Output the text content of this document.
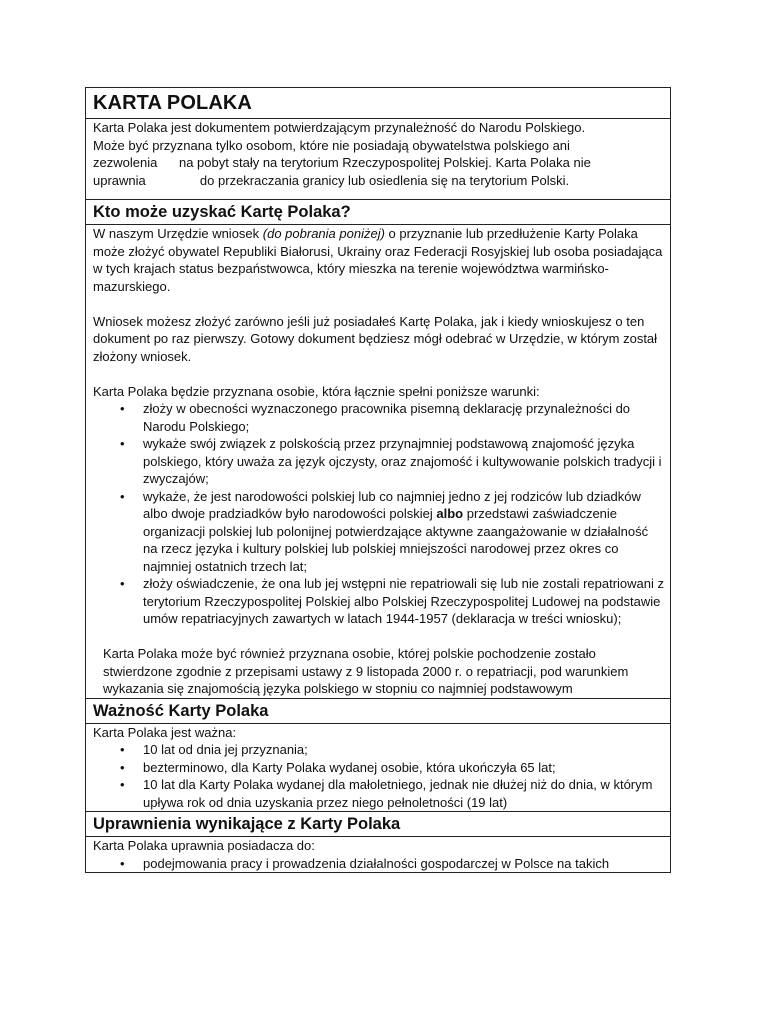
KARTA POLAKA

Karta Polaka jest dokumentem potwierdzającym przynależność do Narodu Polskiego.

Może być przyznana tylko osobom, które nie posiadają obywatelstwa polskiego ani

zezwolenia      na pobyt stały na terytorium Rzeczypospolitej Polskiej. Karta Polaka nie

uprawnia               do przekraczania granicy lub osiedlenia się na terytorium Polski.

Kto może uzyskać Kartę Polaka?

W naszym Urzędzie wniosek (do pobrania poniżej) o przyznanie lub przedłużenie Karty Polaka może złożyć obywatel Republiki Białorusi, Ukrainy oraz Federacji Rosyjskiej lub osoba posiadająca w tych krajach status bezpaństwowca, który mieszka na terenie województwa warmińsko-mazurskiego.

Wniosek możesz złożyć zarówno jeśli już posiadałeś Kartę Polaka, jak i kiedy wnioskujesz o ten dokument po raz pierwszy. Gotowy dokument będziesz mógł odebrać w Urzędzie, w którym został złożony wniosek.

Karta Polaka będzie przyznana osobie, która łącznie spełni poniższe warunki:

• złoży w obecności wyznaczonego pracownika pisemną deklarację przynależności do Narodu Polskiego;
• wykaże swój związek z polskością przez przynajmniej podstawową znajomość języka polskiego, który uważa za język ojczysty, oraz znajomość i kultywowanie polskich tradycji i zwyczajów;
• wykaże, że jest narodowości polskiej lub co najmniej jedno z jej rodziców lub dziadków albo dwoje pradziadków było narodowości polskiej albo przedstawi zaświadczenie organizacji polskiej lub polonijnej potwierdzające aktywne zaangażowanie w działalność na rzecz języka i kultury polskiej lub polskiej mniejszości narodowej przez okres co najmniej ostatnich trzech lat;
• złoży oświadczenie, że ona lub jej wstępni nie repatriowali się lub nie zostali repatriowani z terytorium Rzeczypospolitej Polskiej albo Polskiej Rzeczypospolitej Ludowej na podstawie umów repatriacyjnych zawartych w latach 1944-1957 (deklaracja w treści wniosku);

Karta Polaka może być również przyznana osobie, której polskie pochodzenie zostało stwierdzone zgodnie z przepisami ustawy z 9 listopada 2000 r. o repatriacji, pod warunkiem wykazania się znajomością języka polskiego w stopniu co najmniej podstawowym

Ważność Karty Polaka

Karta Polaka jest ważna:

• 10 lat od dnia jej przyznania;
• bezterminowo, dla Karty Polaka wydanej osobie, która ukończyła 65 lat;
• 10 lat dla Karty Polaka wydanej dla małoletniego, jednak nie dłużej niż do dnia, w którym upływa rok od dnia uzyskania przez niego pełnoletności (19 lat)
Uprawnienia wynikające z Karty Polaka

Karta Polaka uprawnia posiadacza do:

• podejmowania pracy i prowadzenia działalności gospodarczej w Polsce na takich
